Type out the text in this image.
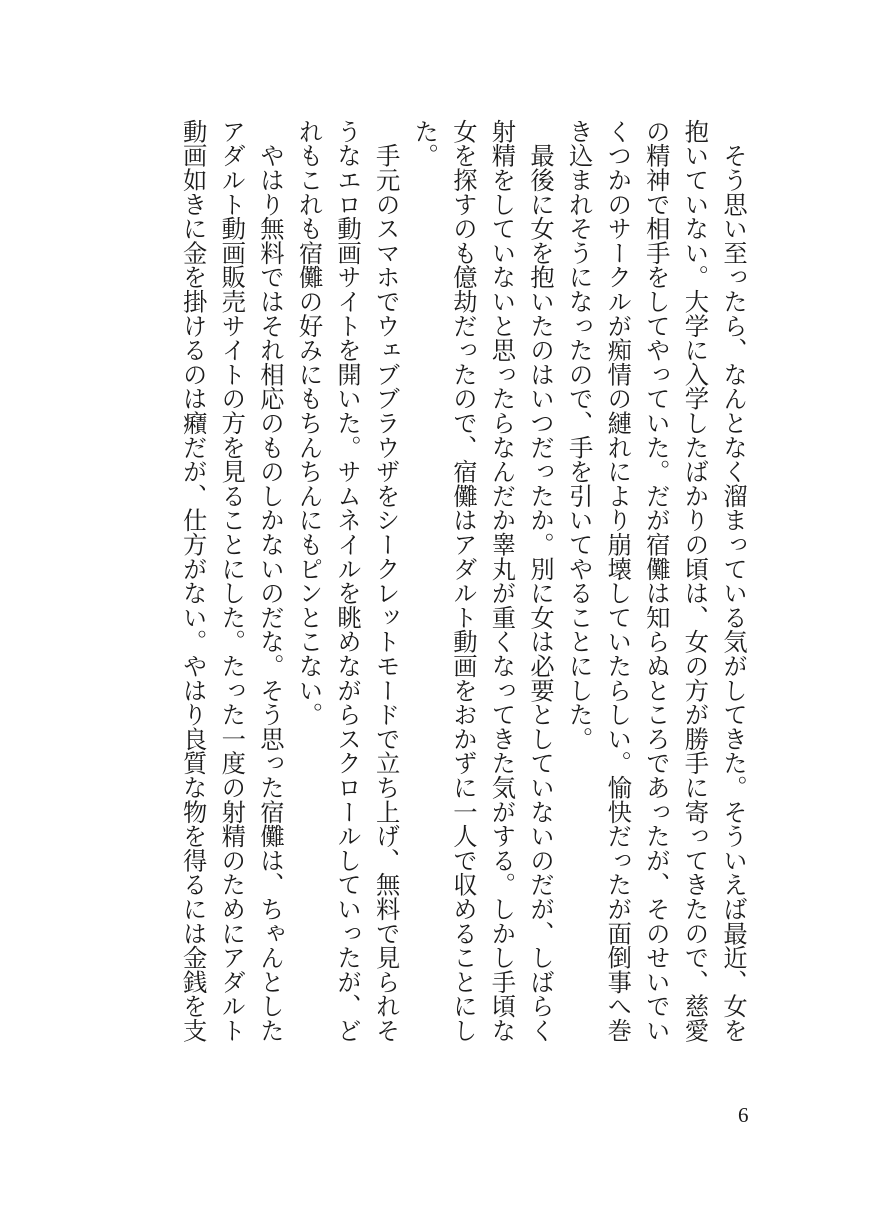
　そう思い至ったら、なんとなく溜まっている気がしてきた。そういえば最近、女を

抱いていない。大学に入学したばかりの頃は、女の方が勝手に寄ってきたので、慈愛

の精神で相手をしてやっていた。だが宿儺は知らぬところであったが、そのせいでい

くつかのサークルが痴情の縺れにより崩壊していたらしい。愉快だったが面倒事へ巻

き込まれそうになったので、手を引いてやることにした。

　最後に女を抱いたのはいつだったか。別に女は必要としていないのだが、しばらく

射精をしていないと思ったらなんだか睾丸が重くなってきた気がする。しかし手頃な

女を探すのも億劫だったので、宿儺はアダルト動画をおかずに一人で収めることにし

た。

　手元のスマホでウェブブラウザをシークレットモードで立ち上げ、無料で見られそ

うなエロ動画サイトを開いた。サムネイルを眺めながらスクロールしていったが、ど

れもこれも宿儺の好みにもちんちんにもピンとこない。

　やはり無料ではそれ相応のものしかないのだな。そう思った宿儺は、ちゃんとした

アダルト動画販売サイトの方を見ることにした。たった一度の射精のためにアダルト

動画如きに金を掛けるのは癪だが、仕方がない。やはり良質な物を得るには金銭を支

6
